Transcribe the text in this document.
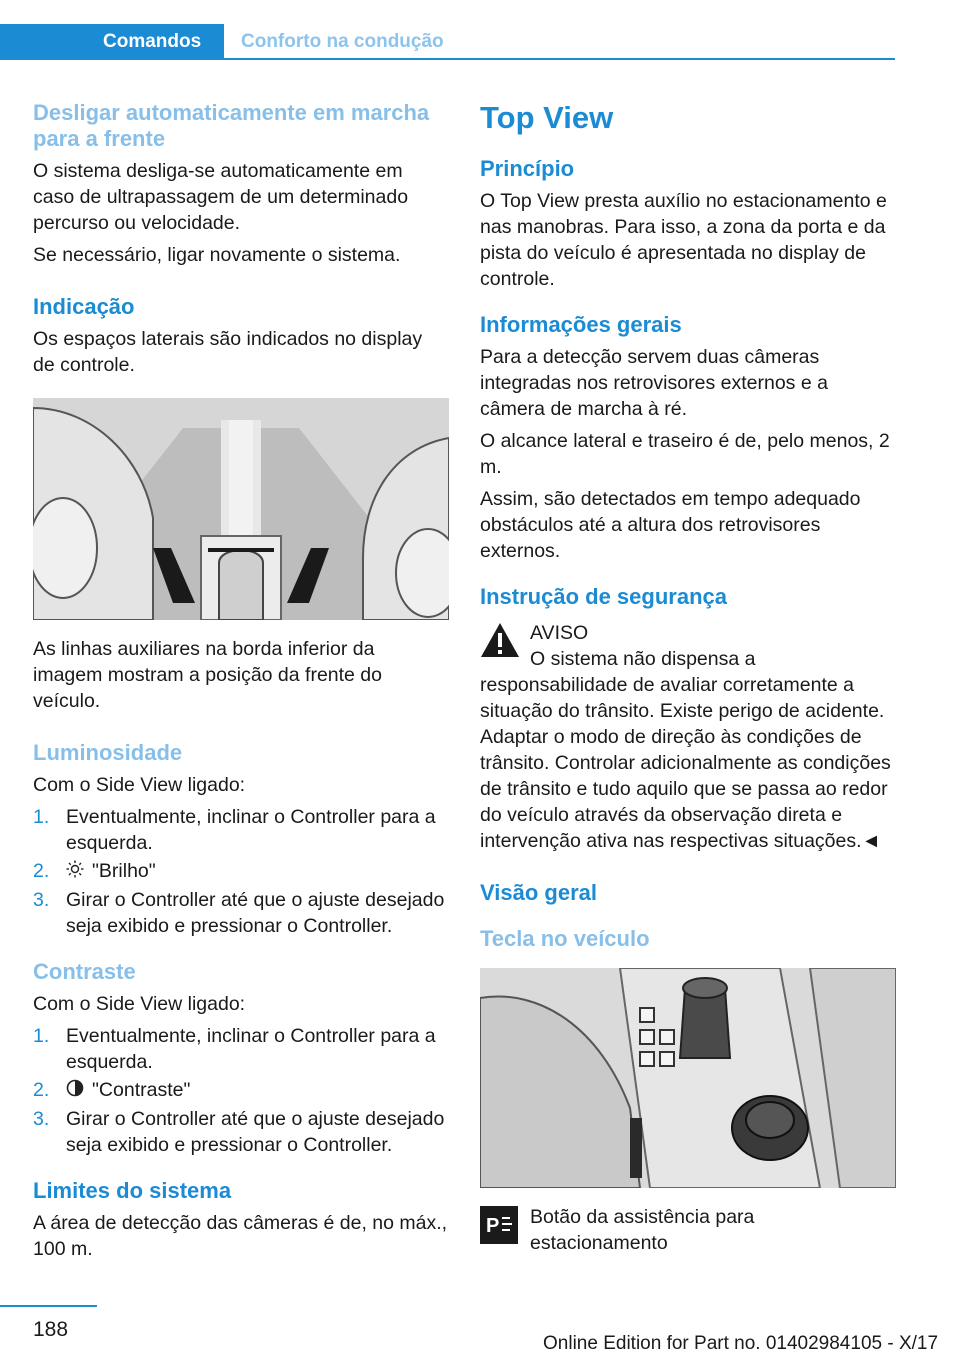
Comandos	Conforto na condução
Desligar automaticamente em marcha para a frente

O sistema desliga-se automaticamente em caso de ultrapassagem de um determinado percurso ou velocidade.

Se necessário, ligar novamente o sistema.

Indicação

Os espaços laterais são indicados no display de controle.

As linhas auxiliares na borda inferior da imagem mostram a posição da frente do veículo.

Luminosidade

Com o Side View ligado:

1. Eventualmente, inclinar o Controller para a esquerda.
2. "Brilho"
3. Girar o Controller até que o ajuste desejado seja exibido e pressionar o Controller.
Contraste

Com o Side View ligado:

1. Eventualmente, inclinar o Controller para a esquerda.
2. "Contraste"
3. Girar o Controller até que o ajuste desejado seja exibido e pressionar o Controller.
Limites do sistema

A área de detecção das câmeras é de, no máx., 100 m.

Top View
Princípio

O Top View presta auxílio no estacionamento e nas manobras. Para isso, a zona da porta e da pista do veículo é apresentada no display de controle.

Informações gerais

Para a detecção servem duas câmeras integradas nos retrovisores externos e a câmera de marcha à ré.

O alcance lateral e traseiro é de, pelo menos, 2 m.

Assim, são detectados em tempo adequado obstáculos até a altura dos retrovisores externos.

Instrução de segurança

AVISO

O sistema não dispensa a responsabilidade de avaliar corretamente a situação do trânsito. Existe perigo de acidente. Adaptar o modo de direção às condições de trânsito. Controlar adicionalmente as condições de trânsito e tudo aquilo que se passa ao redor do veículo através da observação direta e intervenção ativa nas respectivas situações.◄

Visão geral
Tecla no veículo
P Botão da assistência para estacionamento

188
Online Edition for Part no. 01402984105 - X/17
